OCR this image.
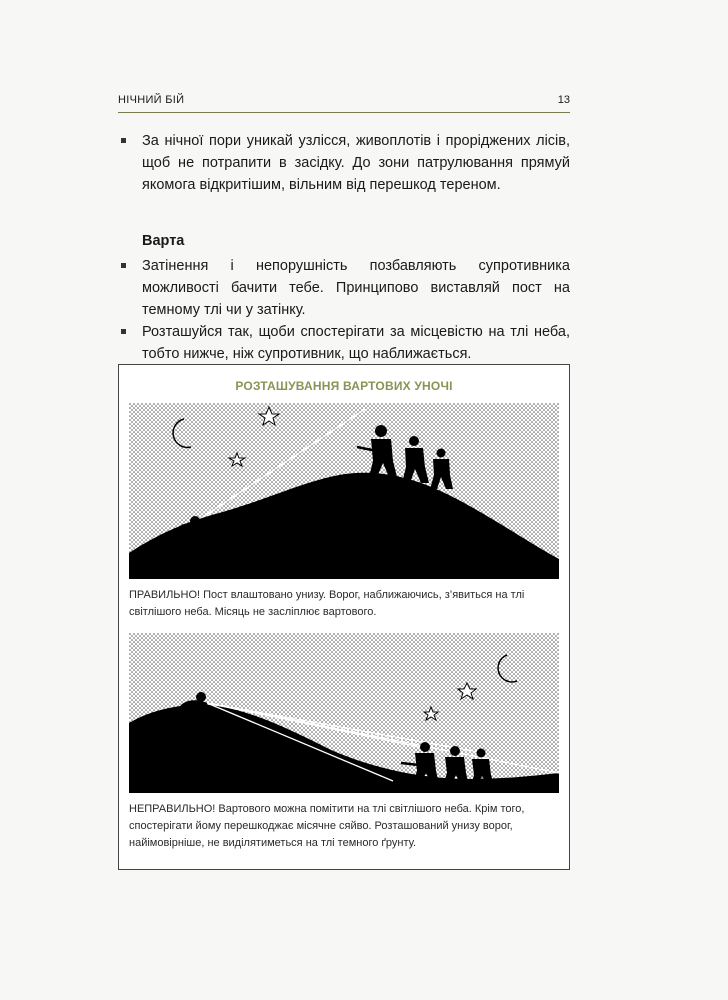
НІЧНИЙ БІЙ	13
За нічної пори уникай узлісся, живоплотів і проріджених лісів, щоб не потрапити в засідку. До зони патрулювання прямуй якомога відкритішим, вільним від перешкод тереном.
Варта
Затінення і непорушність позбавляють супротивника можливості бачити тебе. Принципово виставляй пост на темному тлі чи у затінку.
Розташуйся так, щоби спостерігати за місцевістю на тлі неба, тобто нижче, ніж супротивник, що наближається.
РОЗТАШУВАННЯ ВАРТОВИХ УНОЧІ
ПРАВИЛЬНО! Пост влаштовано унизу. Ворог, наближаючись, з’явиться на тлі світлішого неба. Місяць не засліплює вартового.
НЕПРАВИЛЬНО! Вартового можна помітити на тлі світлішого неба. Крім того, спостерігати йому перешкоджає місячне сяйво. Розташований унизу ворог, найімовірніше, не виділятиметься на тлі темного ґрунту.
